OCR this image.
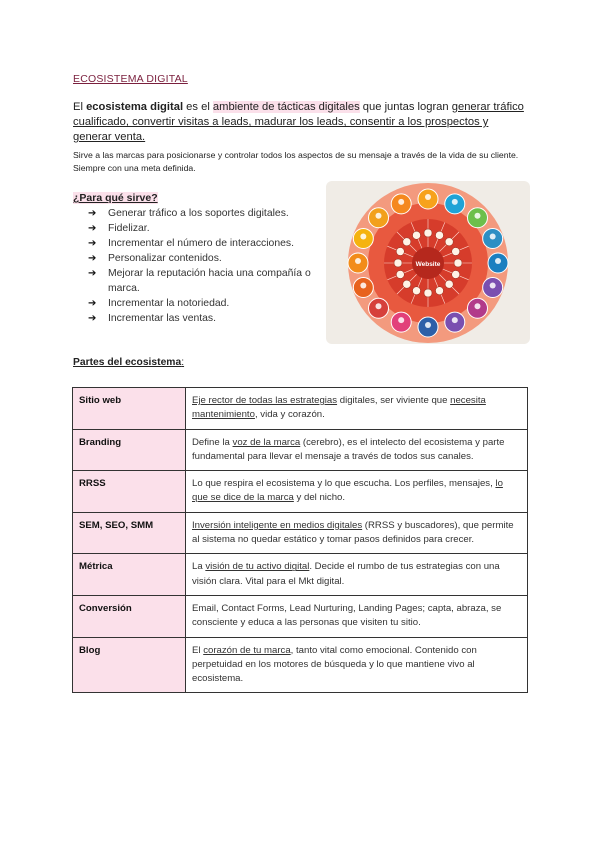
ECOSISTEMA DIGITAL
El ecosistema digital es el ambiente de tácticas digitales que juntas logran generar tráfico cualificado, convertir visitas a leads, madurar los leads, consentir a los prospectos y generar venta.
Sirve a las marcas para posicionarse y controlar todos los aspectos de su mensaje a través de la vida de su cliente. Siempre con una meta definida.
¿Para qué sirve?
➔ Generar tráfico a los soportes digitales.
➔ Fidelizar.
➔ Incrementar el número de interacciones.
➔ Personalizar contenidos.
➔ Mejorar la reputación hacia una compañía o marca.
➔ Incrementar la notoriedad.
➔ Incrementar las ventas.
Website
Partes del ecosistema:
Sitio web	Eje rector de todas las estrategias digitales, ser viviente que necesita mantenimiento, vida y corazón.
Branding	Define la voz de la marca (cerebro), es el intelecto del ecosistema y parte fundamental para llevar el mensaje a través de todos sus canales.
RRSS	Lo que respira el ecosistema y lo que escucha. Los perfiles, mensajes, lo que se dice de la marca y del nicho.
SEM, SEO, SMM	Inversión inteligente en medios digitales (RRSS y buscadores), que permite al sistema no quedar estático y tomar pasos definidos para crecer.
Métrica	La visión de tu activo digital. Decide el rumbo de tus estrategias con una visión clara. Vital para el Mkt digital.
Conversión	Email, Contact Forms, Lead Nurturing, Landing Pages; capta, abraza, se consciente y educa a las personas que visiten tu sitio.
Blog	El corazón de tu marca, tanto vital como emocional. Contenido con perpetuidad en los motores de búsqueda y lo que mantiene vivo al ecosistema.
